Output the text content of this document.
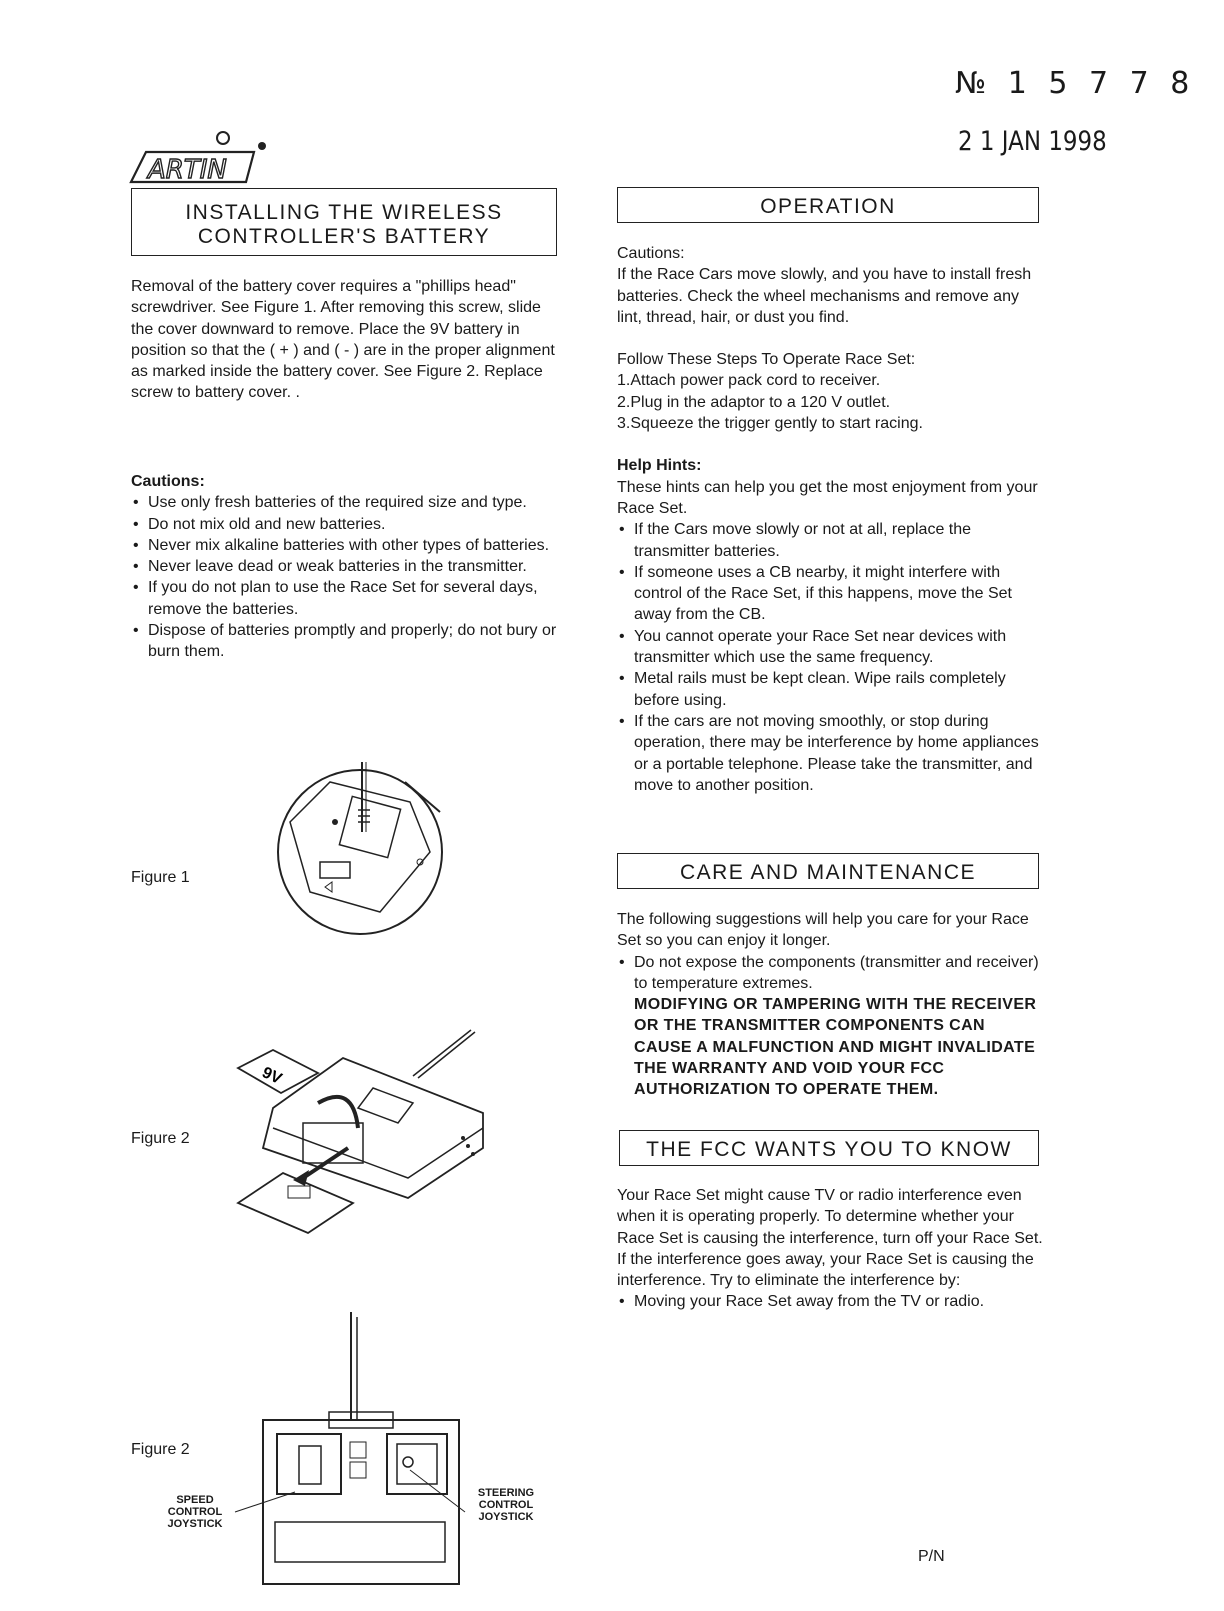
№ 1 5 7 7 8
2 1 JAN 1998
ARTIN
INSTALLING THE WIRELESS CONTROLLER'S BATTERY

Removal of the battery cover requires a "phillips head" screwdriver. See Figure 1. After removing this screw, slide the cover downward to remove. Place the 9V battery in position so that the ( + ) and ( - ) are in the proper alignment as marked inside the battery cover. See Figure 2. Replace screw to battery cover. .

Cautions:

• Use only fresh batteries of the required size and type.
• Do not mix old and new batteries.
• Never mix alkaline batteries with other types of batteries.
• Never leave dead or weak batteries in the transmitter.
• If you do not plan to use the Race Set for several days, remove the batteries.
• Dispose of batteries promptly and properly; do not bury or burn them.
Figure 1
Figure 2
9V
Figure 2
SPEED CONTROL JOYSTICK
STEERING CONTROL JOYSTICK
OPERATION

Cautions:

If the Race Cars move slowly, and you have to install fresh batteries. Check the wheel mechanisms and remove any lint, thread, hair, or dust you find.

Follow These Steps To Operate Race Set:

1.Attach power pack cord to receiver.

2.Plug in the adaptor to a 120 V outlet.

3.Squeeze the trigger gently to start racing.

Help Hints:

These hints can help you get the most enjoyment from your Race Set.

• If the Cars move slowly or not at all, replace the transmitter batteries.
• If someone uses a CB nearby, it might interfere with control of the Race Set, if this happens, move the Set away from the CB.
• You cannot operate your Race Set near devices with transmitter which use the same frequency.
• Metal rails must be kept clean. Wipe rails completely before using.
• If the cars are not moving smoothly, or stop during operation, there may be interference by home appliances or a portable telephone. Please take the transmitter, and move to another position.
CARE AND MAINTENANCE

The following suggestions will help you care for your Race Set so you can enjoy it longer.

• Do not expose the components (transmitter and receiver) to temperature extremes.
MODIFYING OR TAMPERING WITH THE RECEIVER OR THE TRANSMITTER COMPONENTS CAN CAUSE A MALFUNCTION AND MIGHT INVALIDATE THE WARRANTY AND VOID YOUR FCC AUTHORIZATION TO OPERATE THEM.
THE FCC WANTS YOU TO KNOW

Your Race Set might cause TV or radio interference even when it is operating properly. To determine whether your Race Set is causing the interference, turn off your Race Set. If the interference goes away, your Race Set is causing the interference. Try to eliminate the interference by:

• Moving your Race Set away from the TV or radio.
P/N
